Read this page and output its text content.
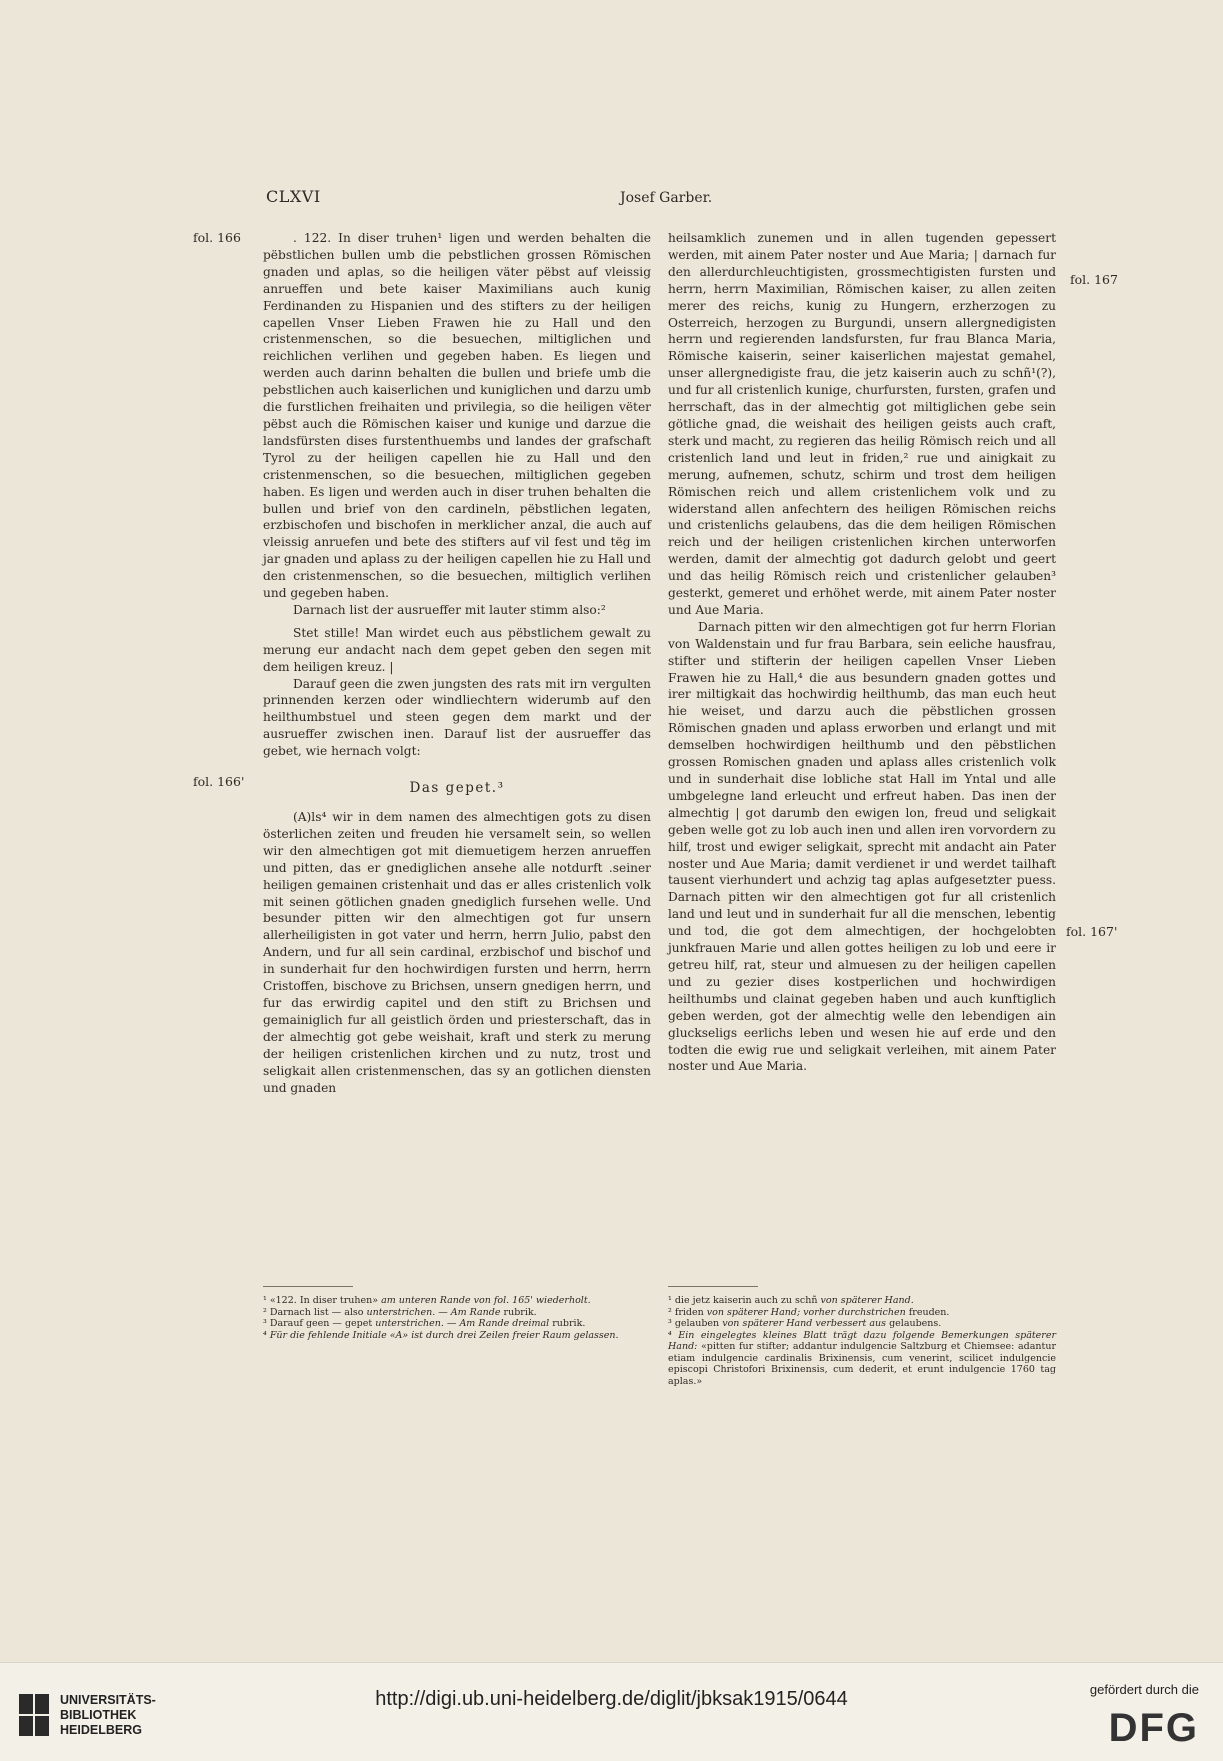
CLXVI	Josef Garber.
fol. 166
fol. 166'
fol. 167
fol. 167'

. 122. In diser truhen¹ ligen und werden behalten die pëbstlichen bullen umb die pebstlichen grossen Römischen gnaden und aplas, so die heiligen väter pëbst auf vleissig anrueffen und bete kaiser Maximilians auch kunig Ferdinanden zu Hispanien und des stifters zu der heiligen capellen Vnser Lieben Frawen hie zu Hall und den cristenmenschen, so die besuechen, miltiglichen und reichlichen verlihen und gegeben haben. Es liegen und werden auch darinn behalten die bullen und briefe umb die pebstlichen auch kaiserlichen und kuniglichen und darzu umb die furstlichen freihaiten und privilegia, so die heiligen vëter pëbst auch die Römischen kaiser und kunige und darzue die landsfürsten dises furstenthuembs und landes der grafschaft Tyrol zu der heiligen capellen hie zu Hall und den cristenmenschen, so die besuechen, miltiglichen gegeben haben. Es ligen und werden auch in diser truhen behalten die bullen und brief von den cardineln, pëbstlichen legaten, erzbischofen und bischofen in merklicher anzal, die auch auf vleissig anruefen und bete des stifters auf vil fest und tëg im jar gnaden und aplass zu der heiligen capellen hie zu Hall und den cristenmenschen, so die besuechen, miltiglich verlihen und gegeben haben.

Darnach list der ausrueffer mit lauter stimm also:²

Stet stille! Man wirdet euch aus pëbstlichem gewalt zu merung eur andacht nach dem gepet geben den segen mit dem heiligen kreuz. |

Darauf geen die zwen jungsten des rats mit irn vergulten prinnenden kerzen oder windliechtern widerumb auf den heilthumbstuel und steen gegen dem markt und der ausrueffer zwischen inen. Darauf list der ausrueffer das gebet, wie hernach volgt:

Das gepet.³

(A)ls⁴ wir in dem namen des almechtigen gots zu disen österlichen zeiten und freuden hie versamelt sein, so wellen wir den almechtigen got mit diemuetigem herzen anrueffen und pitten, das er gnediglichen ansehe alle notdurft .seiner heiligen gemainen cristenhait und das er alles cristenlich volk mit seinen götlichen gnaden gnediglich fursehen welle. Und besunder pitten wir den almechtigen got fur unsern allerheiligisten in got vater und herrn, herrn Julio, pabst den Andern, und fur all sein cardinal, erzbischof und bischof und in sunderhait fur den hochwirdigen fursten und herrn, herrn Cristoffen, bischove zu Brichsen, unsern gnedigen herrn, und fur das erwirdig capitel und den stift zu Brichsen und gemainiglich fur all geistlich örden und priesterschaft, das in der almechtig got gebe weishait, kraft und sterk zu merung der heiligen cristenlichen kirchen und zu nutz, trost und seligkait allen cristenmenschen, das sy an gotlichen diensten und gnaden

heilsamklich zunemen und in allen tugenden gepessert werden, mit ainem Pater noster und Aue Maria; | darnach fur den allerdurchleuchtigisten, grossmechtigisten fursten und herrn, herrn Maximilian, Römischen kaiser, zu allen zeiten merer des reichs, kunig zu Hungern, erzherzogen zu Osterreich, herzogen zu Burgundi, unsern allergnedigisten herrn und regierenden landsfursten, fur frau Blanca Maria, Römische kaiserin, seiner kaiserlichen majestat gemahel, unser allergnedigiste frau, die jetz kaiserin auch zu schñ¹(?), und fur all cristenlich kunige, churfursten, fursten, grafen und herrschaft, das in der almechtig got miltiglichen gebe sein götliche gnad, die weishait des heiligen geists auch craft, sterk und macht, zu regieren das heilig Römisch reich und all cristenlich land und leut in friden,² rue und ainigkait zu merung, aufnemen, schutz, schirm und trost dem heiligen Römischen reich und allem cristenlichem volk und zu widerstand allen anfechtern des heiligen Römischen reichs und cristenlichs gelaubens, das die dem heiligen Römischen reich und der heiligen cristenlichen kirchen unterworfen werden, damit der almechtig got dadurch gelobt und geert und das heilig Römisch reich und cristenlicher gelauben³ gesterkt, gemeret und erhöhet werde, mit ainem Pater noster und Aue Maria.

Darnach pitten wir den almechtigen got fur herrn Florian von Waldenstain und fur frau Barbara, sein eeliche hausfrau, stifter und stifterin der heiligen capellen Vnser Lieben Frawen hie zu Hall,⁴ die aus besundern gnaden gottes und irer miltigkait das hochwirdig heilthumb, das man euch heut hie weiset, und darzu auch die pëbstlichen grossen Römischen gnaden und aplass erworben und erlangt und mit demselben hochwirdigen heilthumb und den pëbstlichen grossen Romischen gnaden und aplass alles cristenlich volk und in sunderhait dise lobliche stat Hall im Yntal und alle umbgelegne land erleucht und erfreut haben. Das inen der almechtig | got darumb den ewigen lon, freud und seligkait geben welle got zu lob auch inen und allen iren vorvordern zu hilf, trost und ewiger seligkait, sprecht mit andacht ain Pater noster und Aue Maria; damit verdienet ir und werdet tailhaft tausent vierhundert und achzig tag aplas aufgesetzter puess. Darnach pitten wir den almechtigen got fur all cristenlich land und leut und in sunderhait fur all die menschen, lebentig und tod, die got dem almechtigen, der hochgelobten junkfrauen Marie und allen gottes heiligen zu lob und eere ir getreu hilf, rat, steur und almuesen zu der heiligen capellen und zu gezier dises kostperlichen und hochwirdigen heilthumbs und clainat gegeben haben und auch kunftiglich geben werden, got der almechtig welle den lebendigen ain gluckseligs eerlichs leben und wesen hie auf erde und den todten die ewig rue und seligkait verleihen, mit ainem Pater noster und Aue Maria.

¹ «122. In diser truhen» am unteren Rande von fol. 165' wiederholt.

² Darnach list — also unterstrichen. — Am Rande rubrik.

³ Darauf geen — gepet unterstrichen. — Am Rande dreimal rubrik.

⁴ Für die fehlende Initiale «A» ist durch drei Zeilen freier Raum gelassen.

¹ die jetz kaiserin auch zu schñ von späterer Hand.

² friden von späterer Hand; vorher durchstrichen freuden.

³ gelauben von späterer Hand verbessert aus gelaubens.

⁴ Ein eingelegtes kleines Blatt trägt dazu folgende Bemerkungen späterer Hand: «pitten fur stifter; addantur indulgencie Saltzburg et Chiemsee: adantur etiam indulgencie cardinalis Brixinensis, cum venerint, scilicet indulgencie episcopi Christofori Brixinensis, cum dederit, et erunt indulgencie 1760 tag aplas.»

UNIVERSITÄTS-
BIBLIOTHEK
HEIDELBERG
http://digi.ub.uni-heidelberg.de/diglit/jbksak1915/0644	gefördert durch die
DFG
